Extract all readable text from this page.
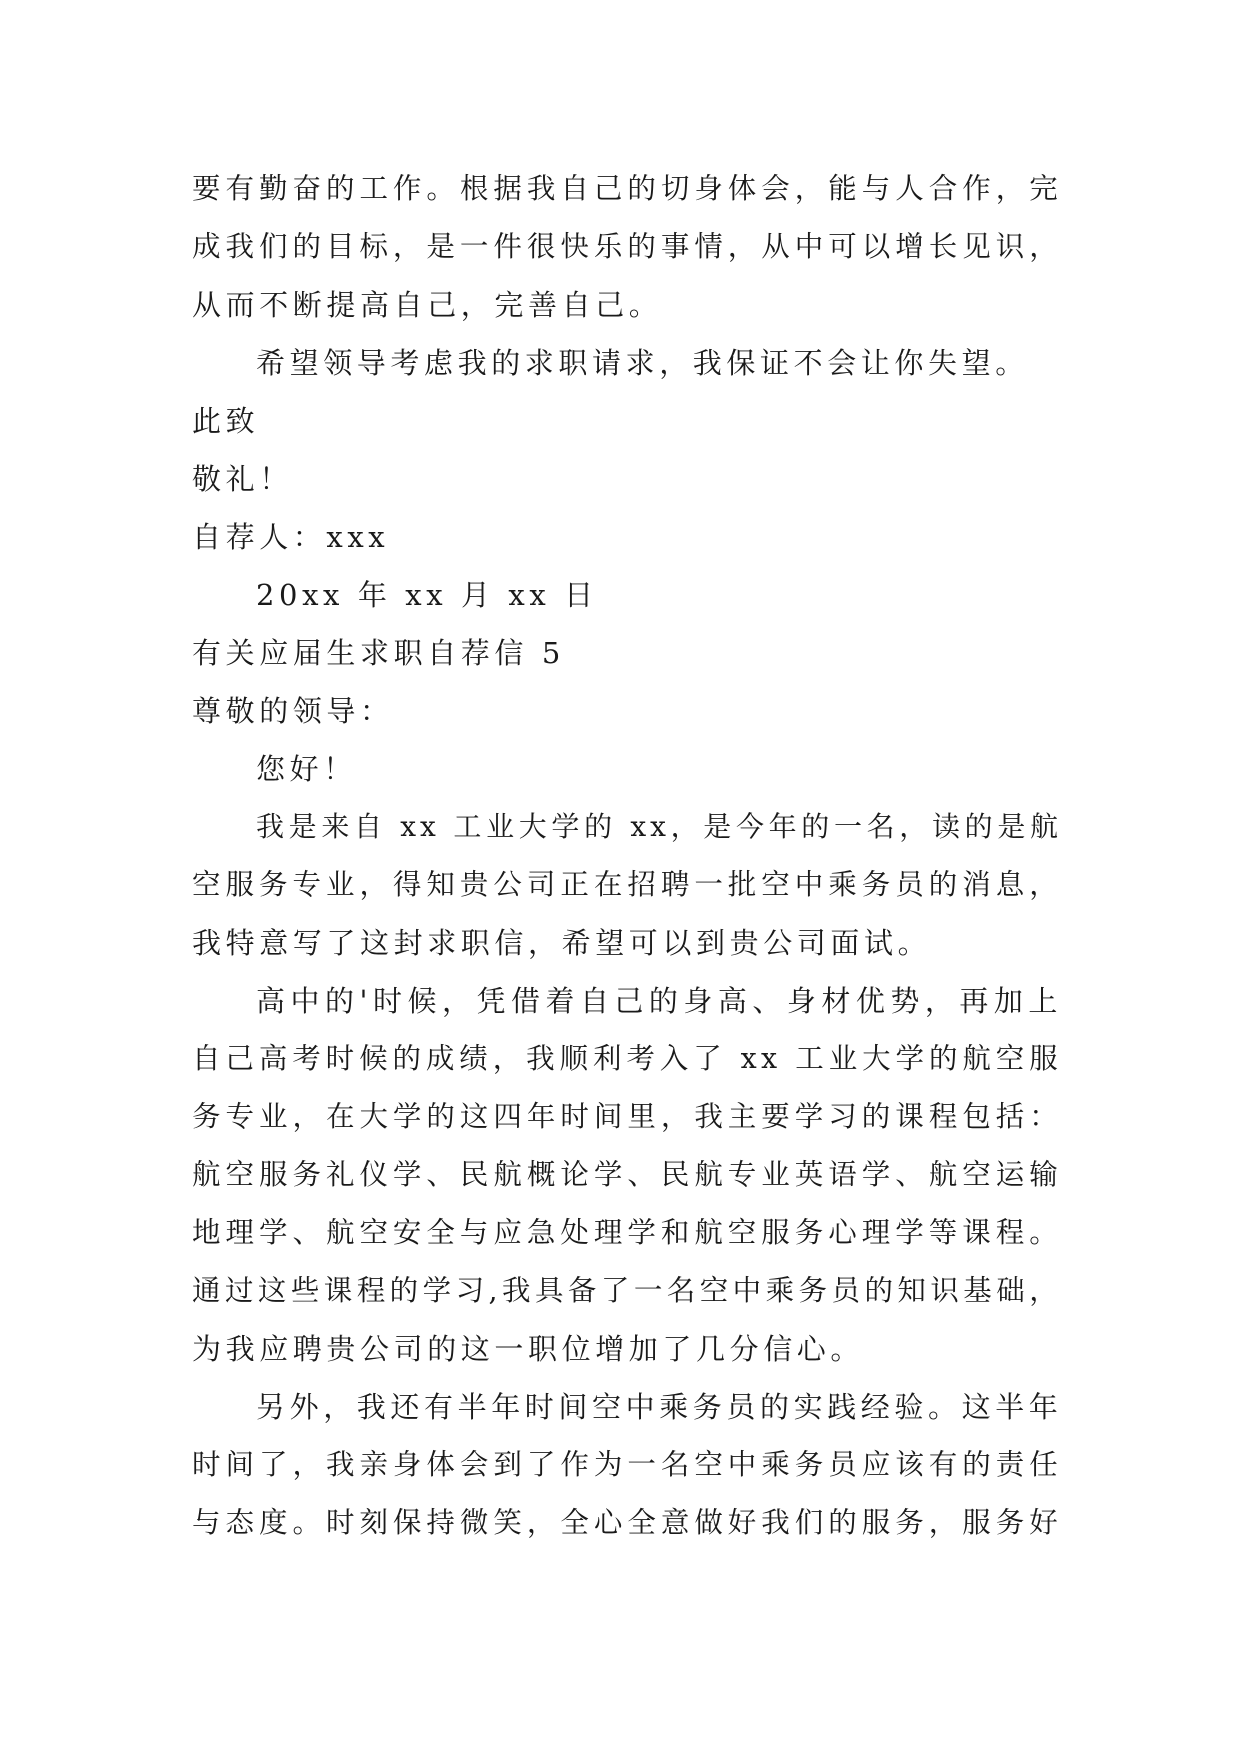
要有勤奋的工作。根据我自己的切身体会，能与人合作，完
成我们的目标，是一件很快乐的事情，从中可以增长见识，
从而不断提高自己，完善自己。
希望领导考虑我的求职请求，我保证不会让你失望。
此致
敬礼！
自荐人：xxx
20xx 年 xx 月 xx 日
有关应届生求职自荐信 5
尊敬的领导：
您好！
我是来自 xx 工业大学的 xx，是今年的一名，读的是航
空服务专业，得知贵公司正在招聘一批空中乘务员的消息，
我特意写了这封求职信，希望可以到贵公司面试。
高中的'时候，凭借着自己的身高、身材优势，再加上
自己高考时候的成绩，我顺利考入了 xx 工业大学的航空服
务专业，在大学的这四年时间里，我主要学习的课程包括：
航空服务礼仪学、民航概论学、民航专业英语学、航空运输
地理学、航空安全与应急处理学和航空服务心理学等课程。
通过这些课程的学习,我具备了一名空中乘务员的知识基础，
为我应聘贵公司的这一职位增加了几分信心。
另外，我还有半年时间空中乘务员的实践经验。这半年
时间了，我亲身体会到了作为一名空中乘务员应该有的责任
与态度。时刻保持微笑，全心全意做好我们的服务，服务好
